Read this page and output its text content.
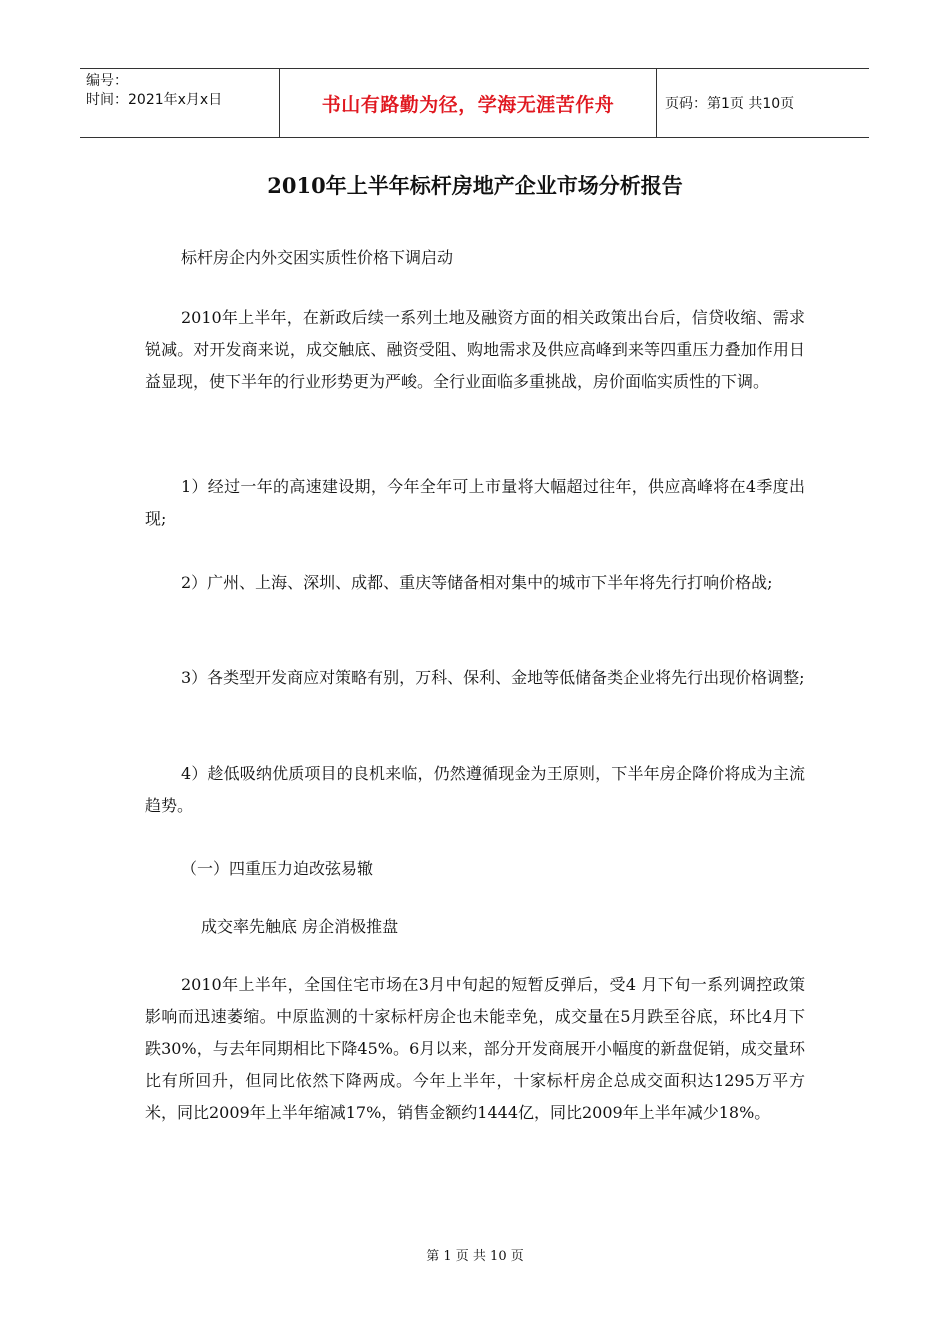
编号：
时间：2021年x月x日	书山有路勤为径，学海无涯苦作舟	页码：第1页 共10页
2010年上半年标杆房地产企业市场分析报告

标杆房企内外交困实质性价格下调启动

2010年上半年，在新政后续一系列土地及融资方面的相关政策出台后，信贷收缩、需求锐减。对开发商来说，成交触底、融资受阻、购地需求及供应高峰到来等四重压力叠加作用日益显现，使下半年的行业形势更为严峻。全行业面临多重挑战，房价面临实质性的下调。

1）经过一年的高速建设期，今年全年可上市量将大幅超过往年，供应高峰将在4季度出现;

2）广州、上海、深圳、成都、重庆等储备相对集中的城市下半年将先行打响价格战;

3）各类型开发商应对策略有别，万科、保利、金地等低储备类企业将先行出现价格调整;

4）趁低吸纳优质项目的良机来临，仍然遵循现金为王原则，下半年房企降价将成为主流趋势。

（一）四重压力迫改弦易辙

成交率先触底 房企消极推盘

2010年上半年，全国住宅市场在3月中旬起的短暂反弹后，受4 月下旬一系列调控政策影响而迅速萎缩。中原监测的十家标杆房企也未能幸免，成交量在5月跌至谷底，环比4月下跌30%，与去年同期相比下降45%。6月以来，部分开发商展开小幅度的新盘促销，成交量环比有所回升，但同比依然下降两成。今年上半年，十家标杆房企总成交面积达1295万平方米，同比2009年上半年缩减17%，销售金额约1444亿，同比2009年上半年减少18%。

第 1 页 共 10 页
